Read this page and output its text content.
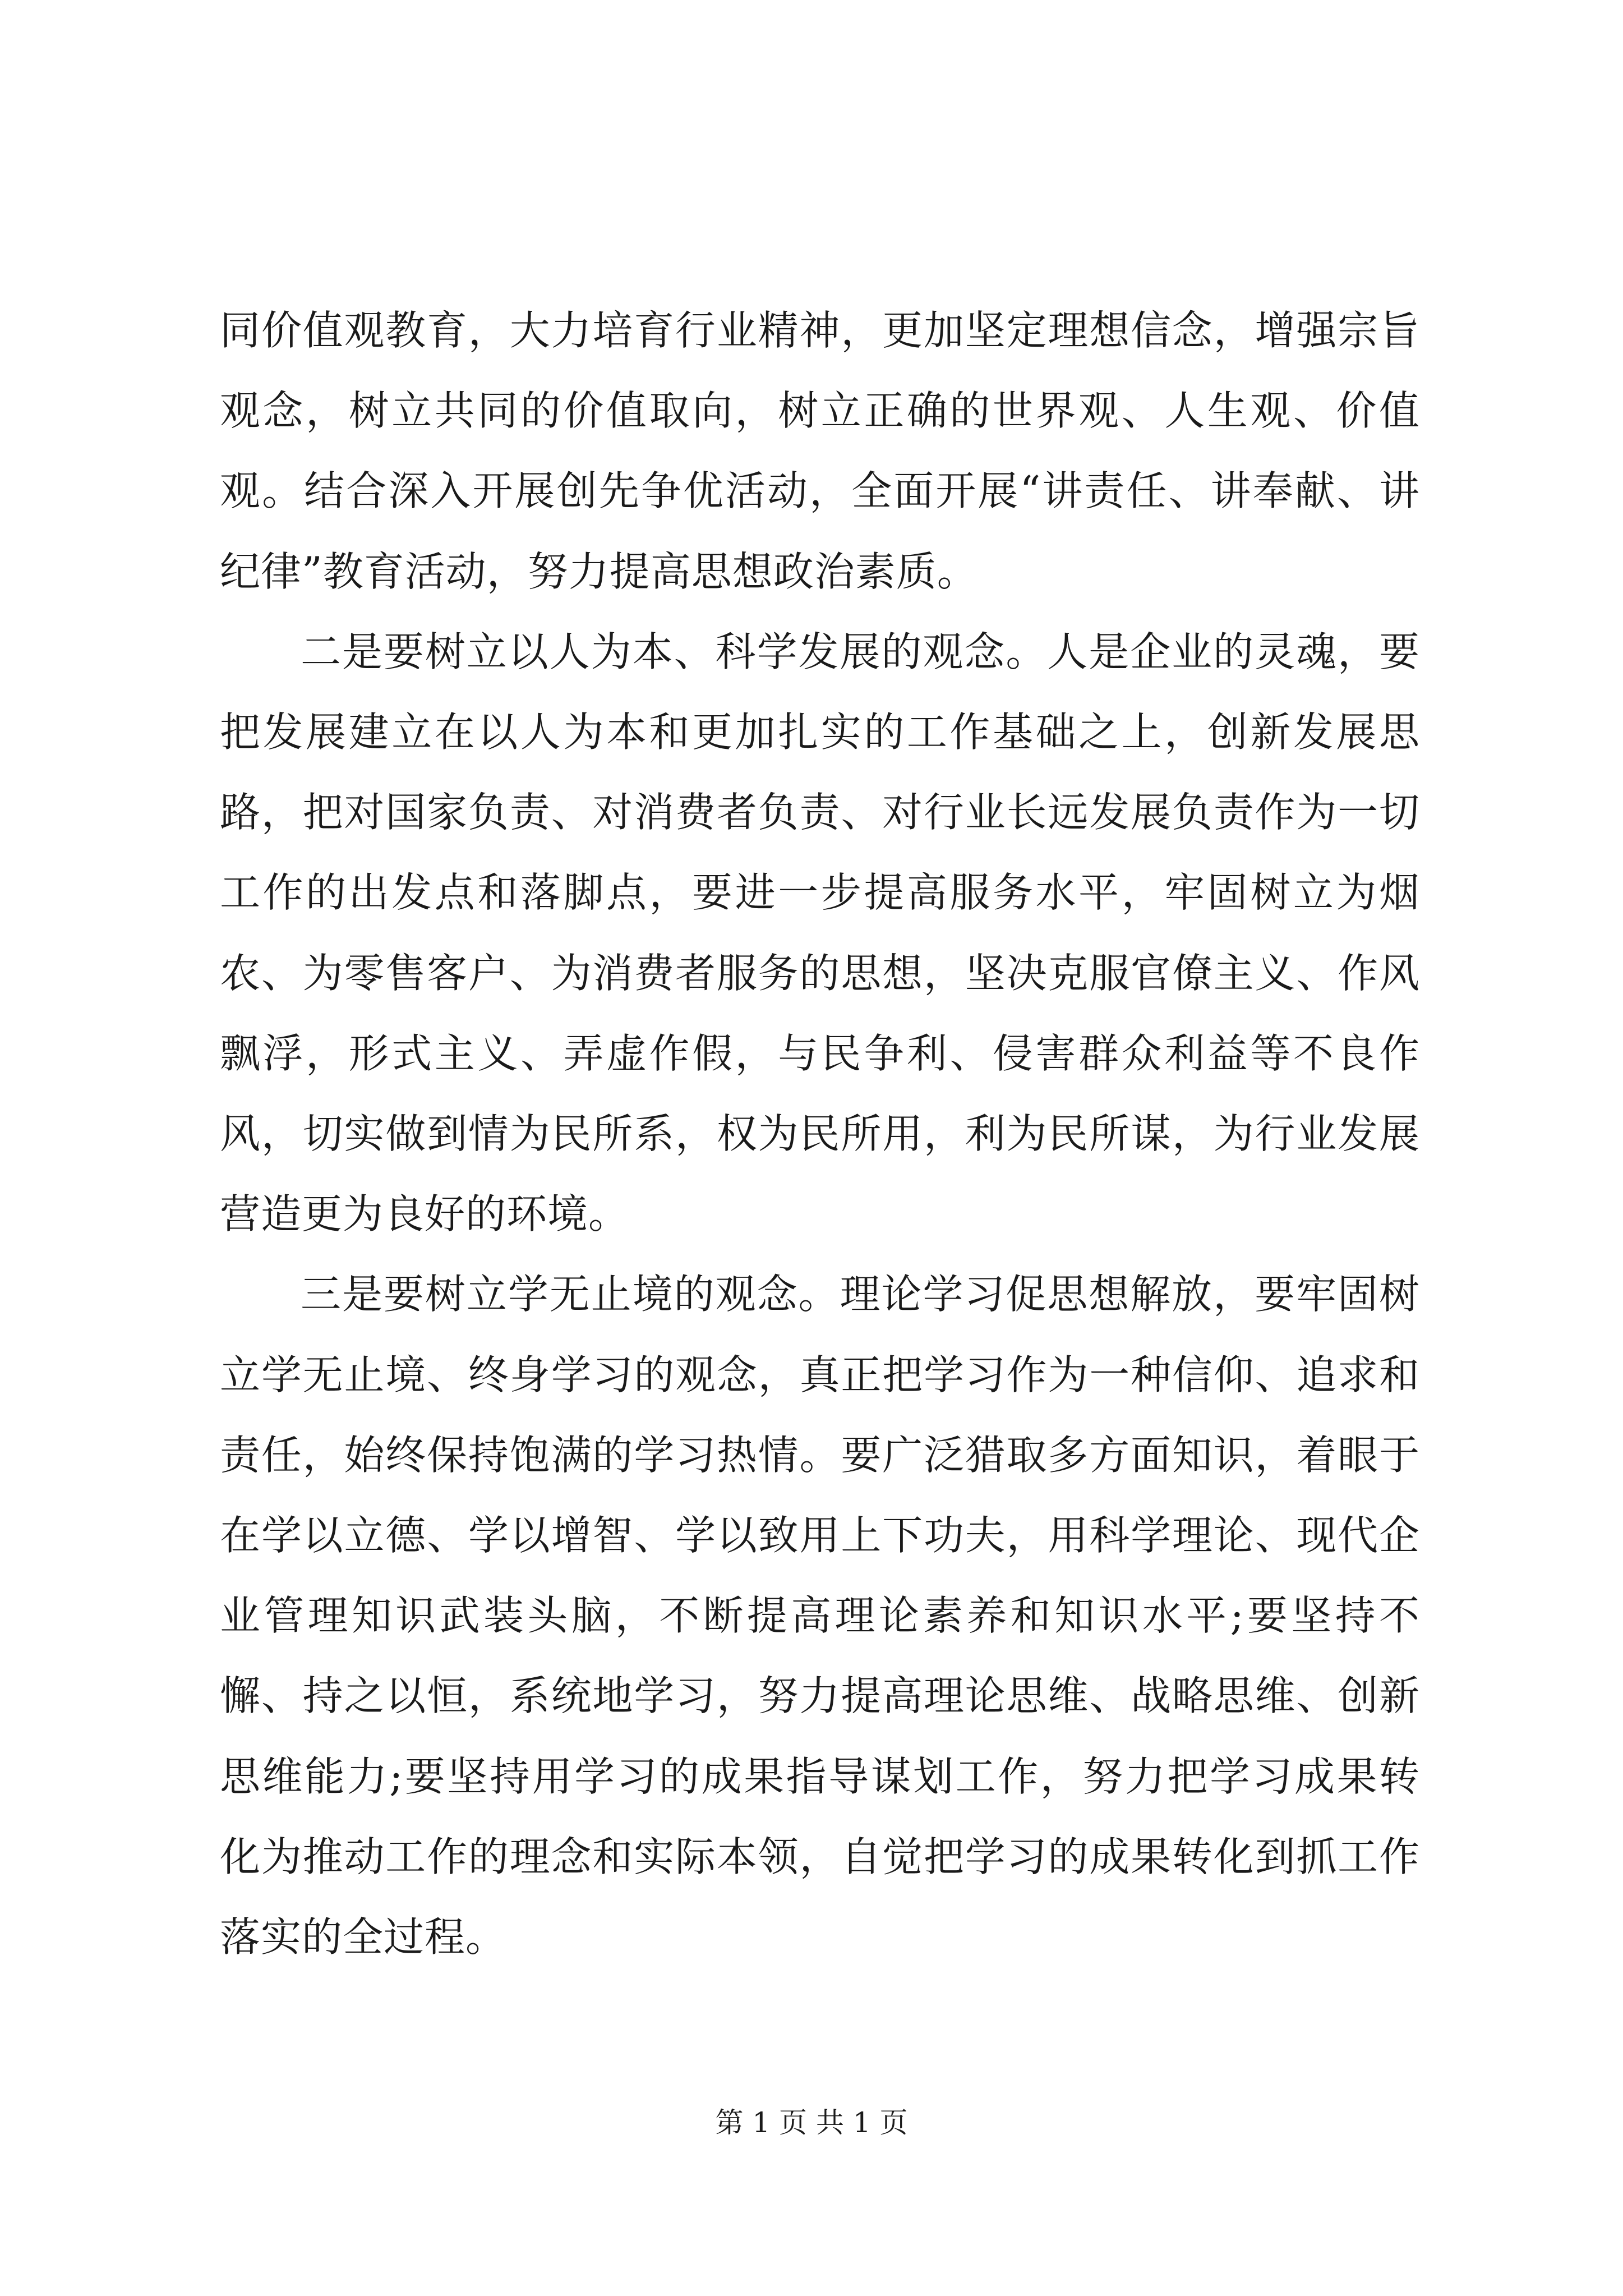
同价值观教育，大力培育行业精神，更加坚定理想信念，增强宗旨观念，树立共同的价值取向，树立正确的世界观、人生观、价值观。结合深入开展创先争优活动，全面开展“讲责任、讲奉献、讲纪律”教育活动，努力提高思想政治素质。

二是要树立以人为本、科学发展的观念。人是企业的灵魂，要把发展建立在以人为本和更加扎实的工作基础之上，创新发展思路，把对国家负责、对消费者负责、对行业长远发展负责作为一切工作的出发点和落脚点，要进一步提高服务水平，牢固树立为烟农、为零售客户、为消费者服务的思想，坚决克服官僚主义、作风飘浮，形式主义、弄虚作假，与民争利、侵害群众利益等不良作风，切实做到情为民所系，权为民所用，利为民所谋，为行业发展营造更为良好的环境。

三是要树立学无止境的观念。理论学习促思想解放，要牢固树立学无止境、终身学习的观念，真正把学习作为一种信仰、追求和责任，始终保持饱满的学习热情。要广泛猎取多方面知识，着眼于在学以立德、学以增智、学以致用上下功夫，用科学理论、现代企业管理知识武装头脑，不断提高理论素养和知识水平;要坚持不懈、持之以恒，系统地学习，努力提高理论思维、战略思维、创新思维能力;要坚持用学习的成果指导谋划工作，努力把学习成果转化为推动工作的理念和实际本领，自觉把学习的成果转化到抓工作落实的全过程。

第 1 页 共 1 页
